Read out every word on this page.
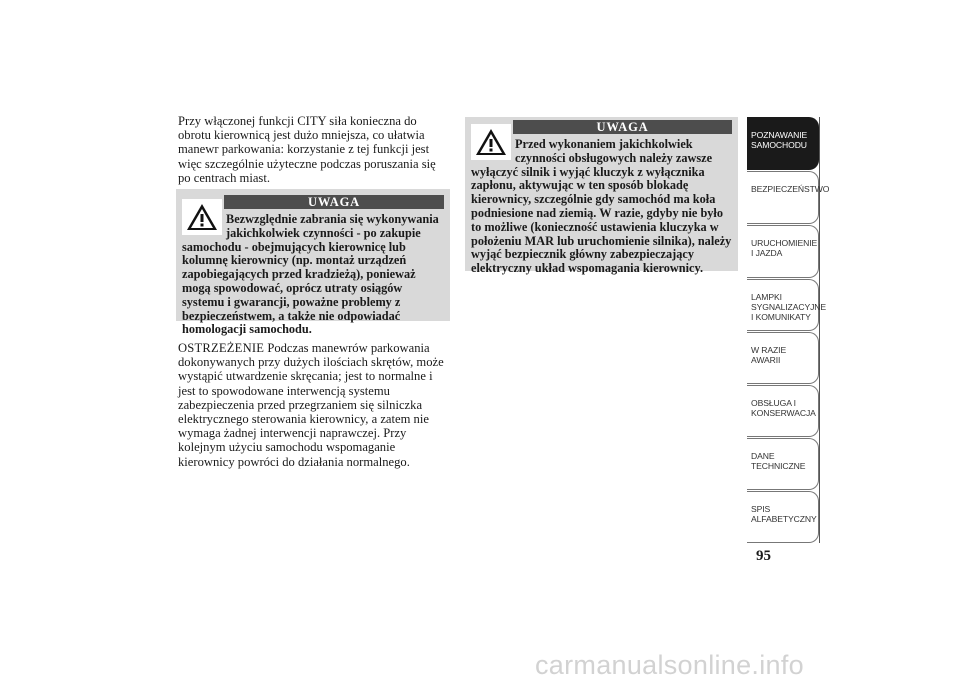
Przy włączonej funkcji CITY siła konieczna do obrotu kierownicą jest dużo mniejsza, co ułatwia manewr parkowania: korzystanie z tej funkcji jest więc szczególnie użyteczne podczas poruszania się po centrach miast.

UWAGA

Bezwzględnie zabrania się wykonywania jakichkolwiek czynności - po zakupie samochodu - obejmujących kierownicę lub kolumnę kierownicy (np. montaż urządzeń zapobiegających przed kradzieżą), ponieważ mogą spowodować, oprócz utraty osiągów systemu i gwarancji, poważne problemy z bezpieczeństwem, a także nie odpowiadać homologacji samochodu.

OSTRZEŻENIE Podczas manewrów parkowania dokonywanych przy dużych ilościach skrętów, może wystąpić utwardzenie skręcania; jest to normalne i jest to spowodowane interwencją systemu zabezpieczenia przed przegrzaniem się silniczka elektrycznego sterowania kierownicy, a zatem nie wymaga żadnej interwencji naprawczej. Przy kolejnym użyciu samochodu wspomaganie kierownicy powróci do działania normalnego.

UWAGA

Przed wykonaniem jakichkolwiek czynności obsługowych należy zawsze wyłączyć silnik i wyjąć kluczyk z wyłącznika zapłonu, aktywując w ten sposób blokadę kierownicy, szczególnie gdy samochód ma koła podniesione nad ziemią. W razie, gdyby nie było to możliwe (konieczność ustawienia kluczyka w położeniu MAR lub uruchomienie silnika), należy wyjąć bezpiecznik główny zabezpieczający elektryczny układ wspomagania kierownicy.

POZNAWANIE SAMOCHODU
BEZPIECZEŃSTWO
URUCHOMIENIE I JAZDA
LAMPKI SYGNALIZACYJNE I KOMUNIKATY
W RAZIE AWARII
OBSŁUGA I KONSERWACJA
DANE TECHNICZNE
SPIS ALFABETYCZNY
95
carmanualsonline.info
